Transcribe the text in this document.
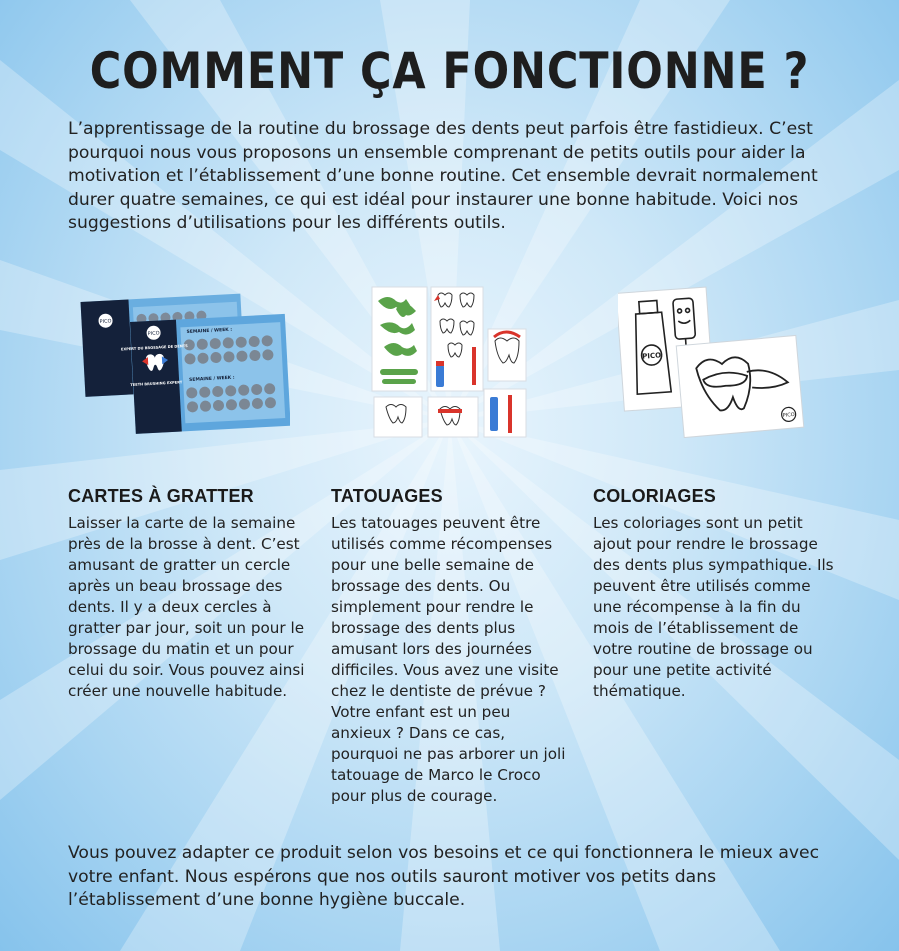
COMMENT ÇA FONCTIONNE ?

L’apprentissage de la routine du brossage des dents peut parfois être fastidieux. C’est pourquoi nous vous proposons un ensemble comprenant de petits outils pour aider la motivation et l’établissement d’une bonne routine. Cet ensemble devrait normalement durer quatre semaines, ce qui est idéal pour instaurer une bonne habitude. Voici nos suggestions d’utilisations pour les différents outils.

PICO
SEMAINE / WEEK :
SEMAINE / WEEK :
PICO
EXPERT DU BROSSAGE DE DENTS
TEETH BRUSHING EXPERT
PICO
PICO
CARTES À GRATTER

Laisser la carte de la semaine près de la brosse à dent. C’est amusant de gratter un cercle après un beau brossage des dents. Il y a deux cercles à gratter par jour, soit un pour le brossage du matin et un pour celui du soir. Vous pouvez ainsi créer une nouvelle habitude.

TATOUAGES

Les tatouages peuvent être utilisés comme récompenses pour une belle semaine de brossage des dents. Ou simplement pour rendre le brossage des dents plus amusant lors des journées difficiles. Vous avez une visite chez le dentiste de prévue ? Votre enfant est un peu anxieux ? Dans ce cas, pourquoi ne pas arborer un joli tatouage de Marco le Croco pour plus de courage.

COLORIAGES

Les coloriages sont un petit ajout pour rendre le brossage des dents plus sympathique. Ils peuvent être utilisés comme une récompense à la fin du mois de l’établissement de votre routine de brossage ou pour une petite activité thématique.

Vous pouvez adapter ce produit selon vos besoins et ce qui fonctionnera le mieux avec votre enfant. Nous espérons que nos outils sauront motiver vos petits dans l’établissement d’une bonne hygiène buccale.
